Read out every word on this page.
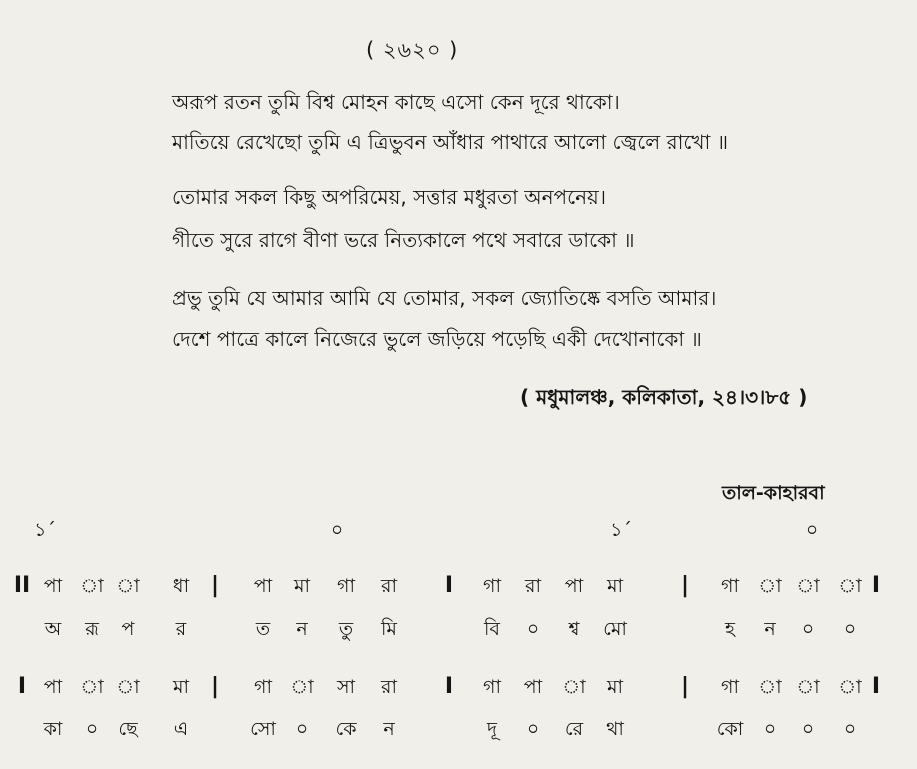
( ২৬২০ )
অরূপ রতন তুমি বিশ্ব মোহন কাছে এসো কেন দূরে থাকো।
মাতিয়ে রেখেছো তুমি এ ত্রিভুবন আঁধার পাথারে আলো জ্বেলে রাখো ॥
তোমার সকল কিছু অপরিমেয়, সত্তার মধুরতা অনপনেয়।
গীতে সুরে রাগে বীণা ভরে নিত্যকালে পথে সবারে ডাকো ॥
প্রভু তুমি যে আমার আমি যে তোমার, সকল জ্যোতিষ্কে বসতি আমার।
দেশে পাত্রে কালে নিজেরে ভুলে জড়িয়ে পড়েছি একী দেখোনাকো ॥
( মধুমালঞ্চ, কলিকাতা, ২৪।৩।৮৫ )
তাল-কাহারবা
১´	০	১´	০
পা া া ধা	পা মা গা রা	গা রা পা মা	গা া া া
অ রূ প র	ত ন তু মি	বি ০ শ্ব মো	হ ন ০ ০
পা া া মা	গা া সা রা	গা পা া মা	গা া া া
কা ০ ছে এ	সো ০ কে ন	দূ ০ রে থা	কো ০ ০ ০
II	|	I	|	I
I	|	I	|	I
